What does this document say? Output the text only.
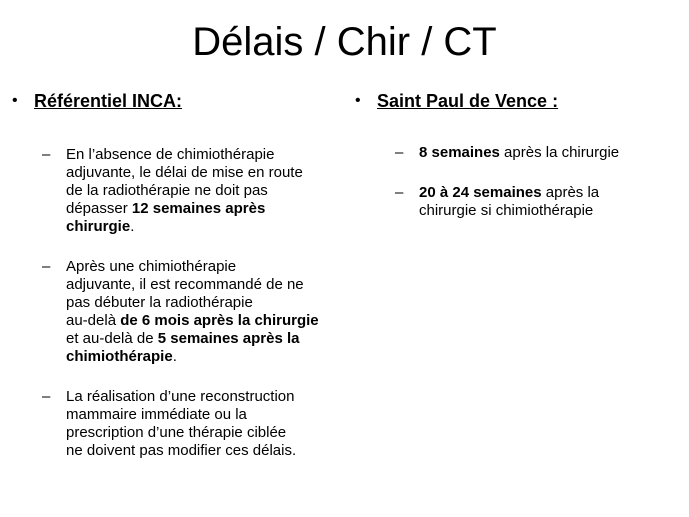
Délais / Chir / CT
• Référentiel INCA:
–	En l’absence de chimiothérapie
adjuvante, le délai de mise en route
de la radiothérapie ne doit pas
dépasser 12 semaines après
chirurgie.
–	Après une chimiothérapie
adjuvante, il est recommandé de ne
pas débuter la radiothérapie
au-delà de 6 mois après la chirurgie
et au-delà de 5 semaines après la
chimiothérapie.
–	La réalisation d’une reconstruction
mammaire immédiate ou la
prescription d’une thérapie ciblée
ne doivent pas modifier ces délais.
• Saint Paul de Vence :
–	8 semaines après la chirurgie
–	20 à 24 semaines après la
chirurgie si chimiothérapie
